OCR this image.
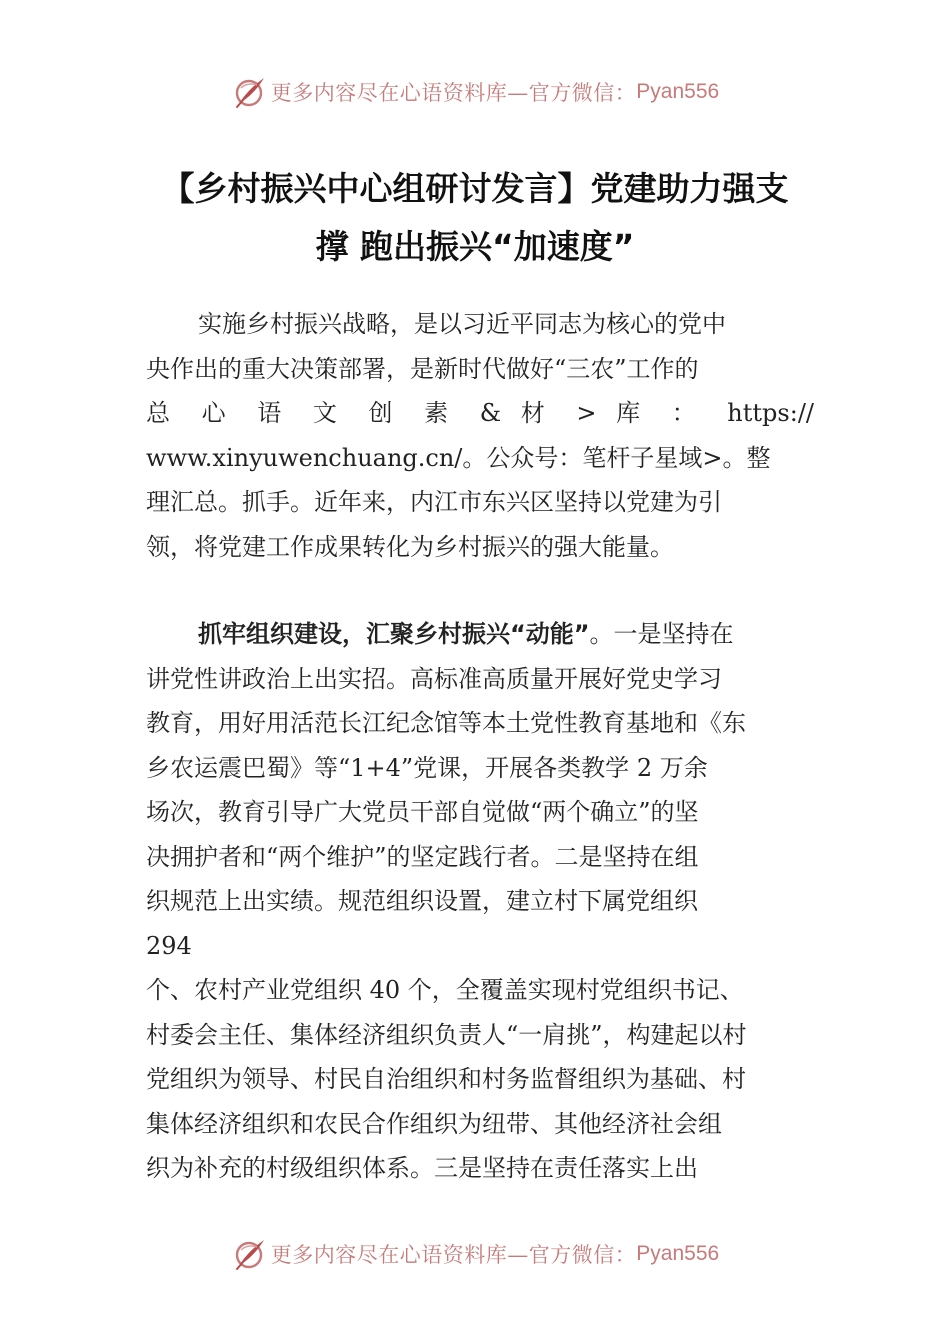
更多内容尽在心语资料库—官方微信： Pyan556
【乡村振兴中心组研讨发言】党建助力强支
撑 跑出振兴“加速度”
实施乡村振兴战略，是以习近平同志为核心的党中
央作出的重大决策部署，是新时代做好“三农”工作的
总 心 语 文 创 素 & 材 > 库 ： https://
www.xinyuwenchuang.cn/。公众号：笔杆子星域>。整
理汇总。抓手。近年来，内江市东兴区坚持以党建为引
领，将党建工作成果转化为乡村振兴的强大能量。
抓牢组织建设，汇聚乡村振兴“动能”。一是坚持在
讲党性讲政治上出实招。高标准高质量开展好党史学习
教育，用好用活范长江纪念馆等本土党性教育基地和《东
乡农运震巴蜀》等“1+4”党课，开展各类教学 2 万余
场次，教育引导广大党员干部自觉做“两个确立”的坚
决拥护者和“两个维护”的坚定践行者。二是坚持在组
织规范上出实绩。规范组织设置，建立村下属党组织
294
个、农村产业党组织 40 个，全覆盖实现村党组织书记、
村委会主任、集体经济组织负责人“一肩挑”，构建起以村
党组织为领导、村民自治组织和村务监督组织为基础、村
集体经济组织和农民合作组织为纽带、其他经济社会组
织为补充的村级组织体系。三是坚持在责任落实上出
更多内容尽在心语资料库—官方微信： Pyan556
